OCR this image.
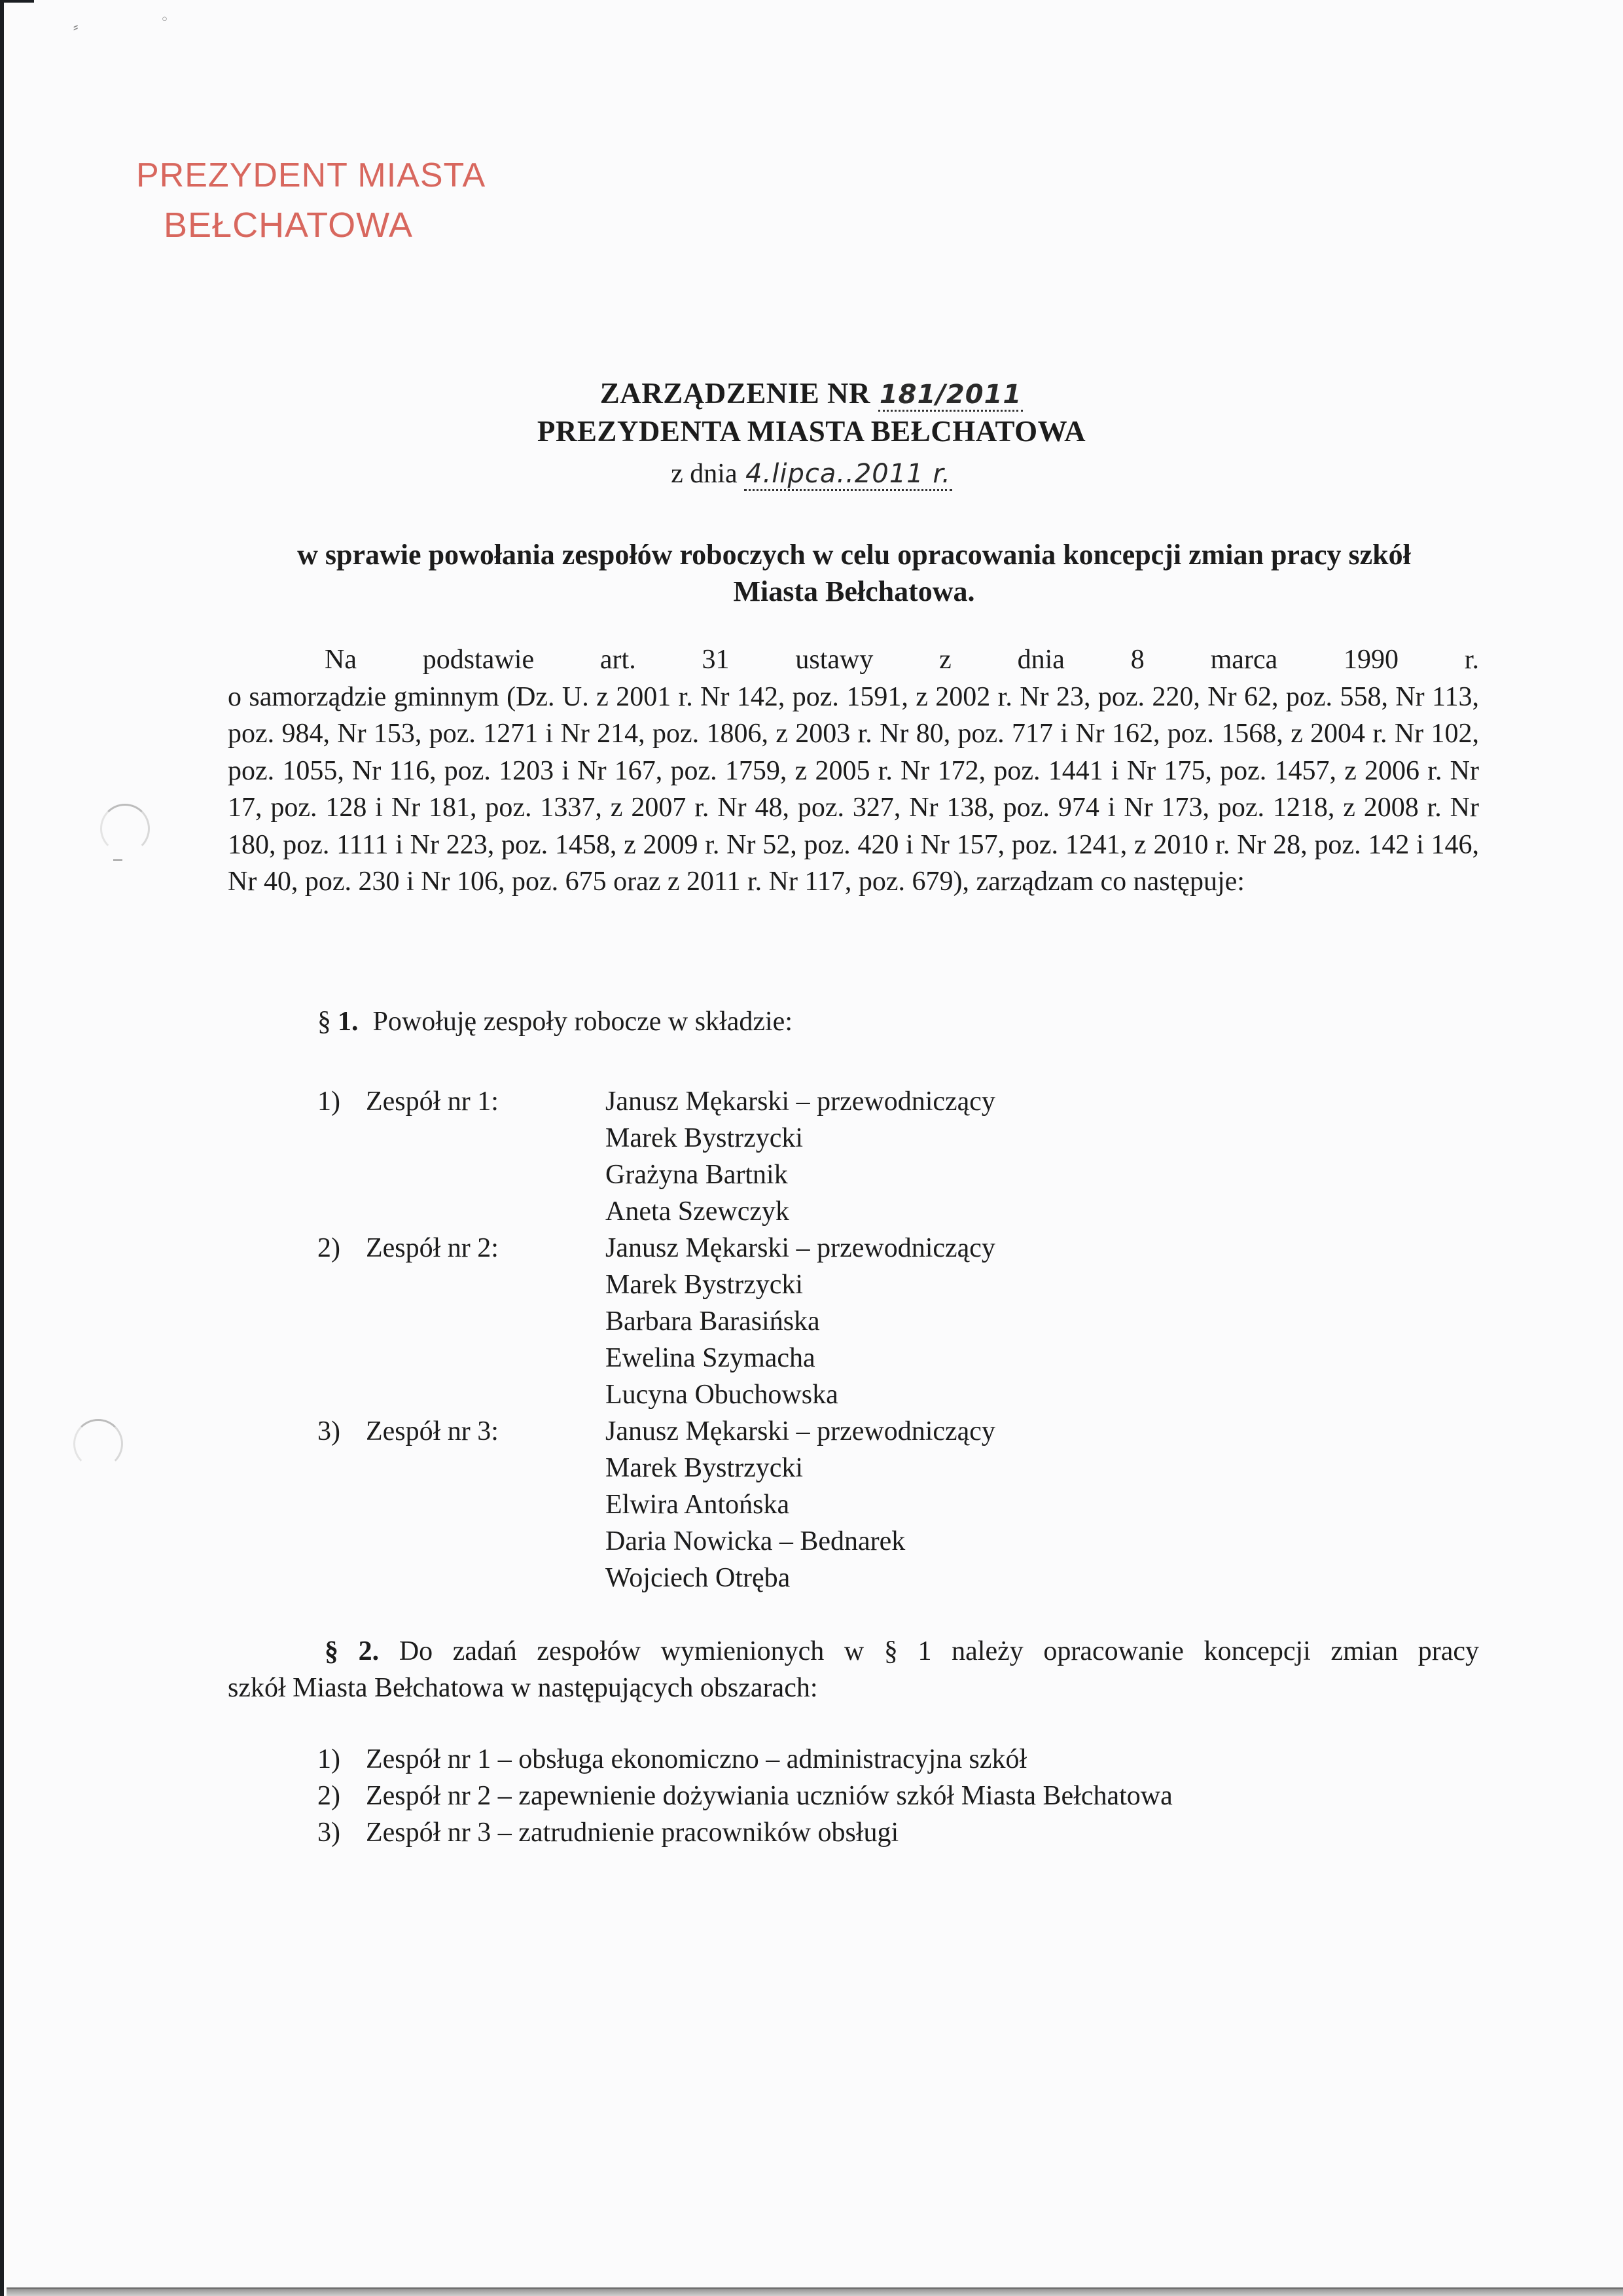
⸗	◦
PREZYDENT MIASTA
BEŁCHATOWA
ZARZĄDZENIE NR 181/2011
PREZYDENTA MIASTA BEŁCHATOWA
z dnia 4.lipca..2011 r.
w sprawie powołania zespołów roboczych w celu opracowania koncepcji zmian pracy szkół
Miasta Bełchatowa.
Na podstawie art. 31 ustawy z dnia 8 marca 1990 r.
o samorządzie gminnym (Dz. U. z 2001 r. Nr 142, poz. 1591, z 2002 r. Nr 23, poz. 220, Nr 62, poz. 558, Nr 113, poz. 984, Nr 153, poz. 1271 i Nr 214, poz. 1806, z 2003 r. Nr 80, poz. 717 i Nr 162, poz. 1568, z 2004 r. Nr 102, poz. 1055, Nr 116, poz. 1203 i Nr 167, poz. 1759, z 2005 r. Nr 172, poz. 1441 i Nr 175, poz. 1457, z 2006 r. Nr 17, poz. 128 i Nr 181, poz. 1337, z 2007 r. Nr 48, poz. 327, Nr 138, poz. 974 i Nr 173, poz. 1218, z 2008 r. Nr 180, poz. 1111 i Nr 223, poz. 1458, z 2009 r. Nr 52, poz. 420 i Nr 157, poz. 1241, z 2010 r. Nr 28, poz. 142 i 146, Nr 40, poz. 230 i Nr 106, poz. 675 oraz z 2011 r. Nr 117, poz. 679), zarządzam co następuje:
§ 1. Powołuję zespoły robocze w składzie:
1) Zespół nr 1:	Janusz Mękarski – przewodniczący
Marek Bystrzycki
Grażyna Bartnik
Aneta Szewczyk
2) Zespół nr 2:	Janusz Mękarski – przewodniczący
Marek Bystrzycki
Barbara Barasińska
Ewelina Szymacha
Lucyna Obuchowska
3) Zespół nr 3:	Janusz Mękarski – przewodniczący
Marek Bystrzycki
Elwira Antońska
Daria Nowicka – Bednarek
Wojciech Otręba
§ 2. Do zadań zespołów wymienionych w § 1 należy opracowanie koncepcji zmian pracy
szkół Miasta Bełchatowa w następujących obszarach:
1) Zespół nr 1 – obsługa ekonomiczno – administracyjna szkół
2) Zespół nr 2 – zapewnienie dożywiania uczniów szkół Miasta Bełchatowa
3) Zespół nr 3 – zatrudnienie pracowników obsługi
